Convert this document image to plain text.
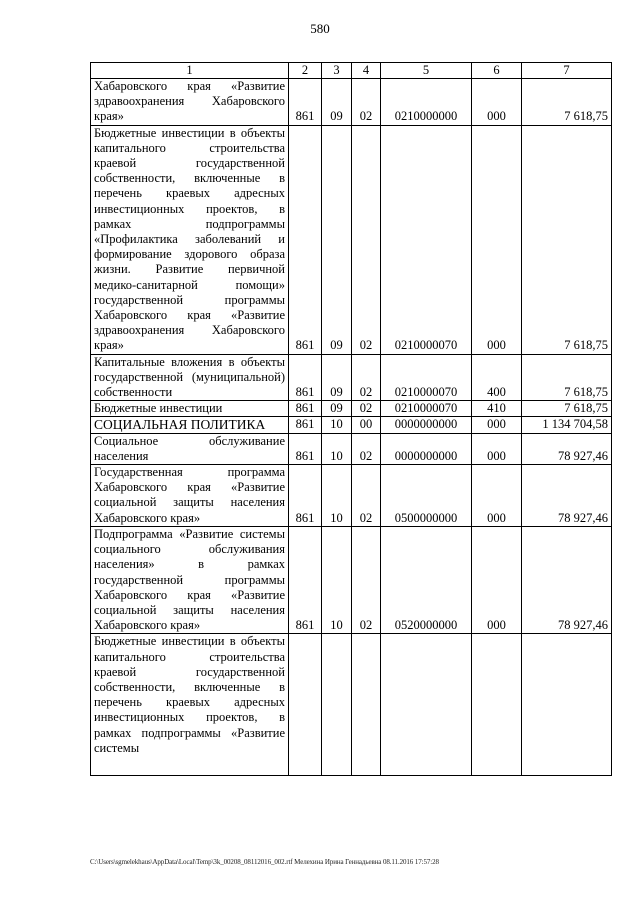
580
1	2	3	4	5	6	7
Хабаровского края «Развитие здравоохранения Хабаровского края»	861	09	02	0210000000	000	7 618,75
Бюджетные инвестиции в объекты капитального строительства краевой государственной собственности, включенные в перечень краевых адресных инвестиционных проектов, в рамках подпрограммы «Профилактика заболеваний и формирование здорового образа жизни. Развитие первичной медико-санитарной помощи» государственной программы Хабаровского края «Развитие здравоохранения Хабаровского края»	861	09	02	0210000070	000	7 618,75
Капитальные вложения в объекты государственной (муниципальной) собственности	861	09	02	0210000070	400	7 618,75
Бюджетные инвестиции	861	09	02	0210000070	410	7 618,75
СОЦИАЛЬНАЯ ПОЛИТИКА	861	10	00	0000000000	000	1 134 704,58
Социальное обслуживание населения	861	10	02	0000000000	000	78 927,46
Государственная программа Хабаровского края «Развитие социальной защиты населения Хабаровского края»	861	10	02	0500000000	000	78 927,46
Подпрограмма «Развитие системы социального обслуживания населения» в рамках государственной программы Хабаровского края «Развитие социальной защиты населения Хабаровского края»	861	10	02	0520000000	000	78 927,46
Бюджетные инвестиции в объекты капитального строительства краевой государственной собственности, включенные в перечень краевых адресных инвестиционных проектов, в рамках подпрограммы «Развитие системы						
C:\Users\sgmelekhaus\AppData\Local\Temp\3k_00208_08112016_002.rtf Мелехина Ирина Геннадьевна 08.11.2016 17:57:28
